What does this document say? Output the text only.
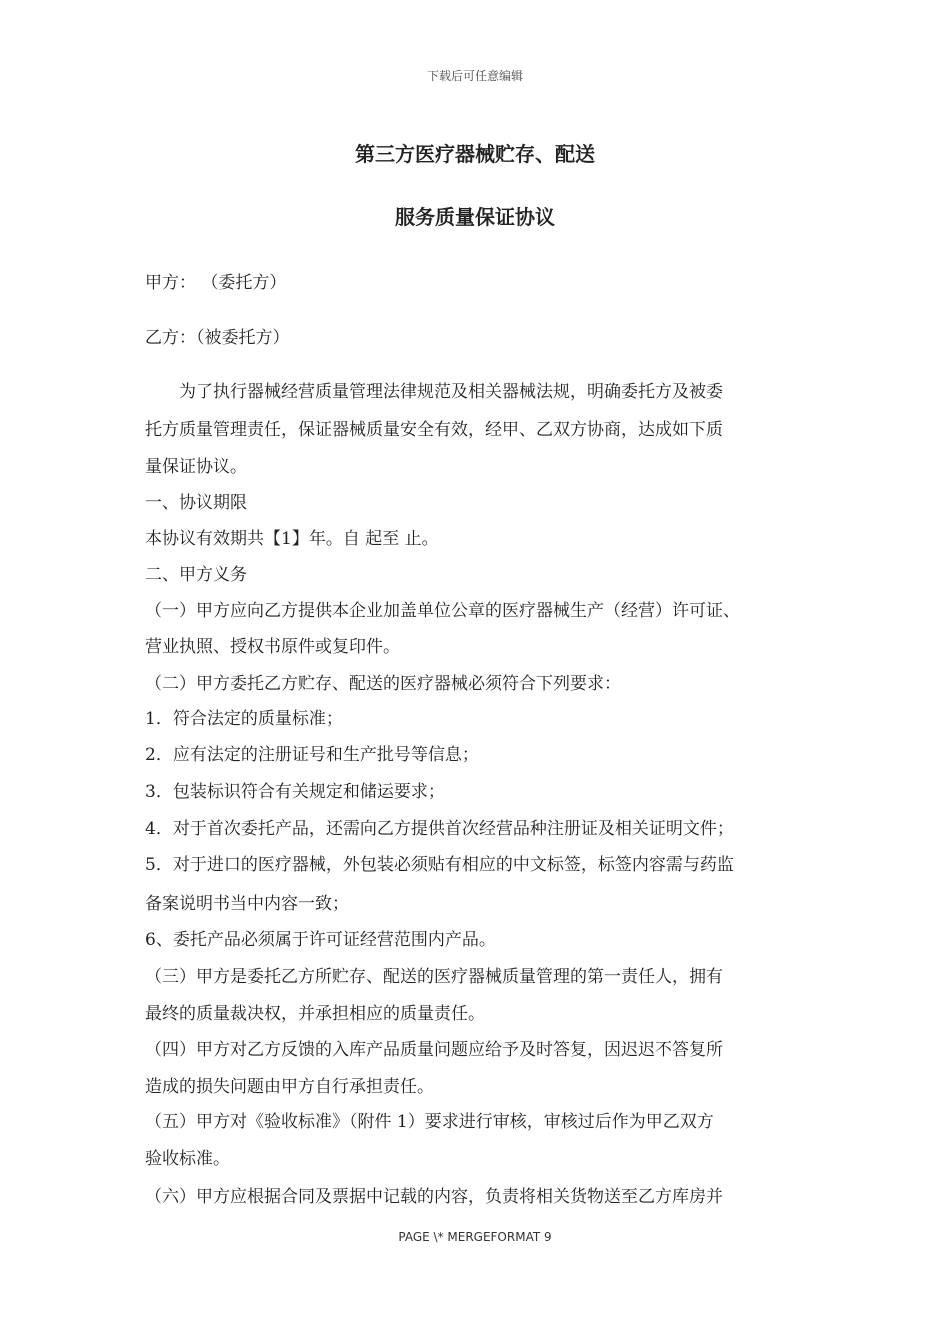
下载后可任意编辑
第三方医疗器械贮存、配送
服务质量保证协议
甲方： （委托方）
乙方：（被委托方）
　　为了执行器械经营质量管理法律规范及相关器械法规，明确委托方及被委
托方质量管理责任，保证器械质量安全有效，经甲、乙双方协商，达成如下质
量保证协议。
一、协议期限
本协议有效期共【1】年。自 起至 止。
二、甲方义务
（一）甲方应向乙方提供本企业加盖单位公章的医疗器械生产（经营）许可证、
营业执照、授权书原件或复印件。
（二）甲方委托乙方贮存、配送的医疗器械必须符合下列要求：
1．符合法定的质量标准；
2．应有法定的注册证号和生产批号等信息；
3．包装标识符合有关规定和储运要求；
4．对于首次委托产品，还需向乙方提供首次经营品种注册证及相关证明文件；
5．对于进口的医疗器械，外包装必须贴有相应的中文标签，标签内容需与药监
备案说明书当中内容一致；
6、委托产品必须属于许可证经营范围内产品。
（三）甲方是委托乙方所贮存、配送的医疗器械质量管理的第一责任人，拥有
最终的质量裁决权，并承担相应的质量责任。
（四）甲方对乙方反馈的入库产品质量问题应给予及时答复，因迟迟不答复所
造成的损失问题由甲方自行承担责任。
（五）甲方对《验收标准》（附件 1）要求进行审核，审核过后作为甲乙双方
验收标准。
（六）甲方应根据合同及票据中记载的内容，负责将相关货物送至乙方库房并
PAGE \* MERGEFORMAT 9
